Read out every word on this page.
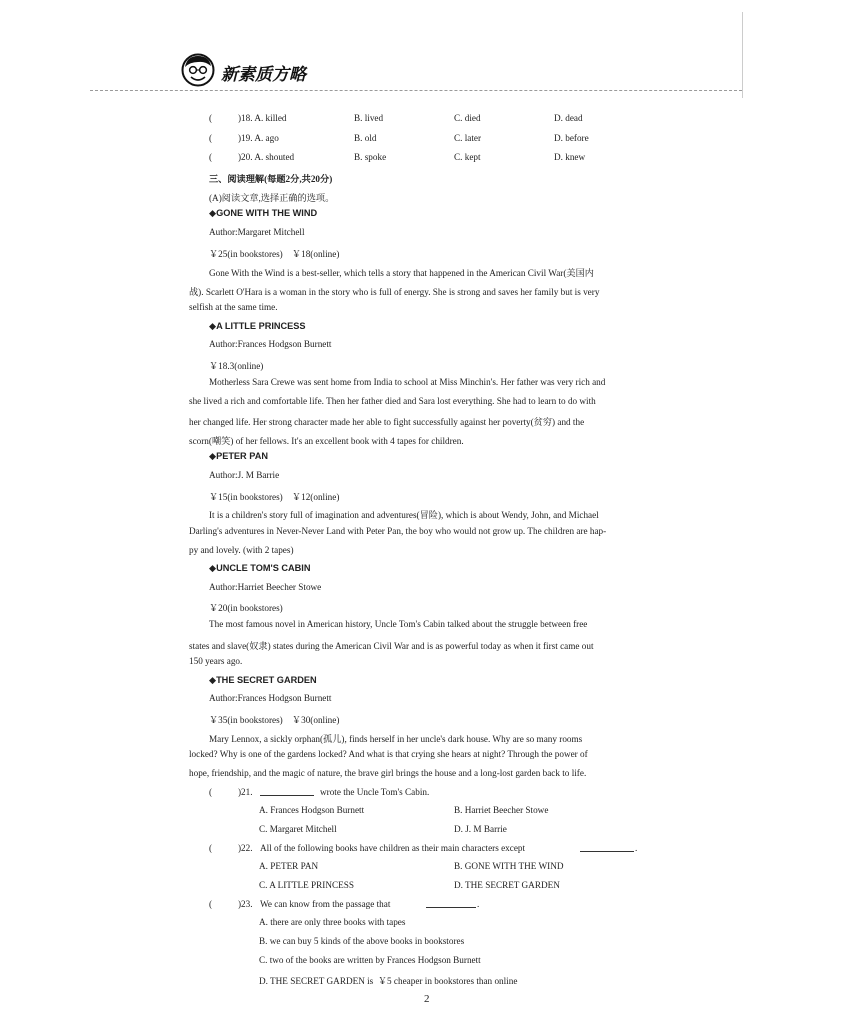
新素质方略
(	)18. A. killed	B. lived	C. died	D. dead
(	)19. A. ago	B. old	C. later	D. before
(	)20. A. shouted	B. spoke	C. kept	D. knew
三、阅读理解(每题2分,共20分)
(A)阅读文章,选择正确的选项。
◆GONE WITH THE WIND
Author:Margaret Mitchell
￥25(in bookstores)    ￥18(online)
Gone With the Wind is a best-seller, which tells a story that happened in the American Civil War(美国内
战). Scarlett O'Hara is a woman in the story who is full of energy. She is strong and saves her family but is very
selfish at the same time.
◆A LITTLE PRINCESS
Author:Frances Hodgson Burnett
￥18.3(online)
Motherless Sara Crewe was sent home from India to school at Miss Minchin's. Her father was very rich and
she lived a rich and comfortable life. Then her father died and Sara lost everything. She had to learn to do with
her changed life. Her strong character made her able to fight successfully against her poverty(贫穷) and the
scorn(嘲笑) of her fellows. It's an excellent book with 4 tapes for children.
◆PETER PAN
Author:J. M Barrie
￥15(in bookstores)    ￥12(online)
It is a children's story full of imagination and adventures(冒险), which is about Wendy, John, and Michael
Darling's adventures in Never-Never Land with Peter Pan, the boy who would not grow up. The children are hap-
py and lovely. (with 2 tapes)
◆UNCLE TOM'S CABIN
Author:Harriet Beecher Stowe
￥20(in bookstores)
The most famous novel in American history, Uncle Tom's Cabin talked about the struggle between free
states and slave(奴隶) states during the American Civil War and is as powerful today as when it first came out
150 years ago.
◆THE SECRET GARDEN
Author:Frances Hodgson Burnett
￥35(in bookstores)    ￥30(online)
Mary Lennox, a sickly orphan(孤儿), finds herself in her uncle's dark house. Why are so many rooms
locked? Why is one of the gardens locked? And what is that crying she hears at night? Through the power of
hope, friendship, and the magic of nature, the brave girl brings the house and a long-lost garden back to life.
(	)21.	wrote the Uncle Tom's Cabin.
A. Frances Hodgson Burnett	B. Harriet Beecher Stowe
C. Margaret Mitchell	D. J. M Barrie
(	)22. All of the following books have children as their main characters except	.
A. PETER PAN	B. GONE WITH THE WIND
C. A LITTLE PRINCESS	D. THE SECRET GARDEN
(	)23. We can know from the passage that	.
A. there are only three books with tapes
B. we can buy 5 kinds of the above books in bookstores
C. two of the books are written by Frances Hodgson Burnett
D. THE SECRET GARDEN is  ￥5 cheaper in bookstores than online
2
